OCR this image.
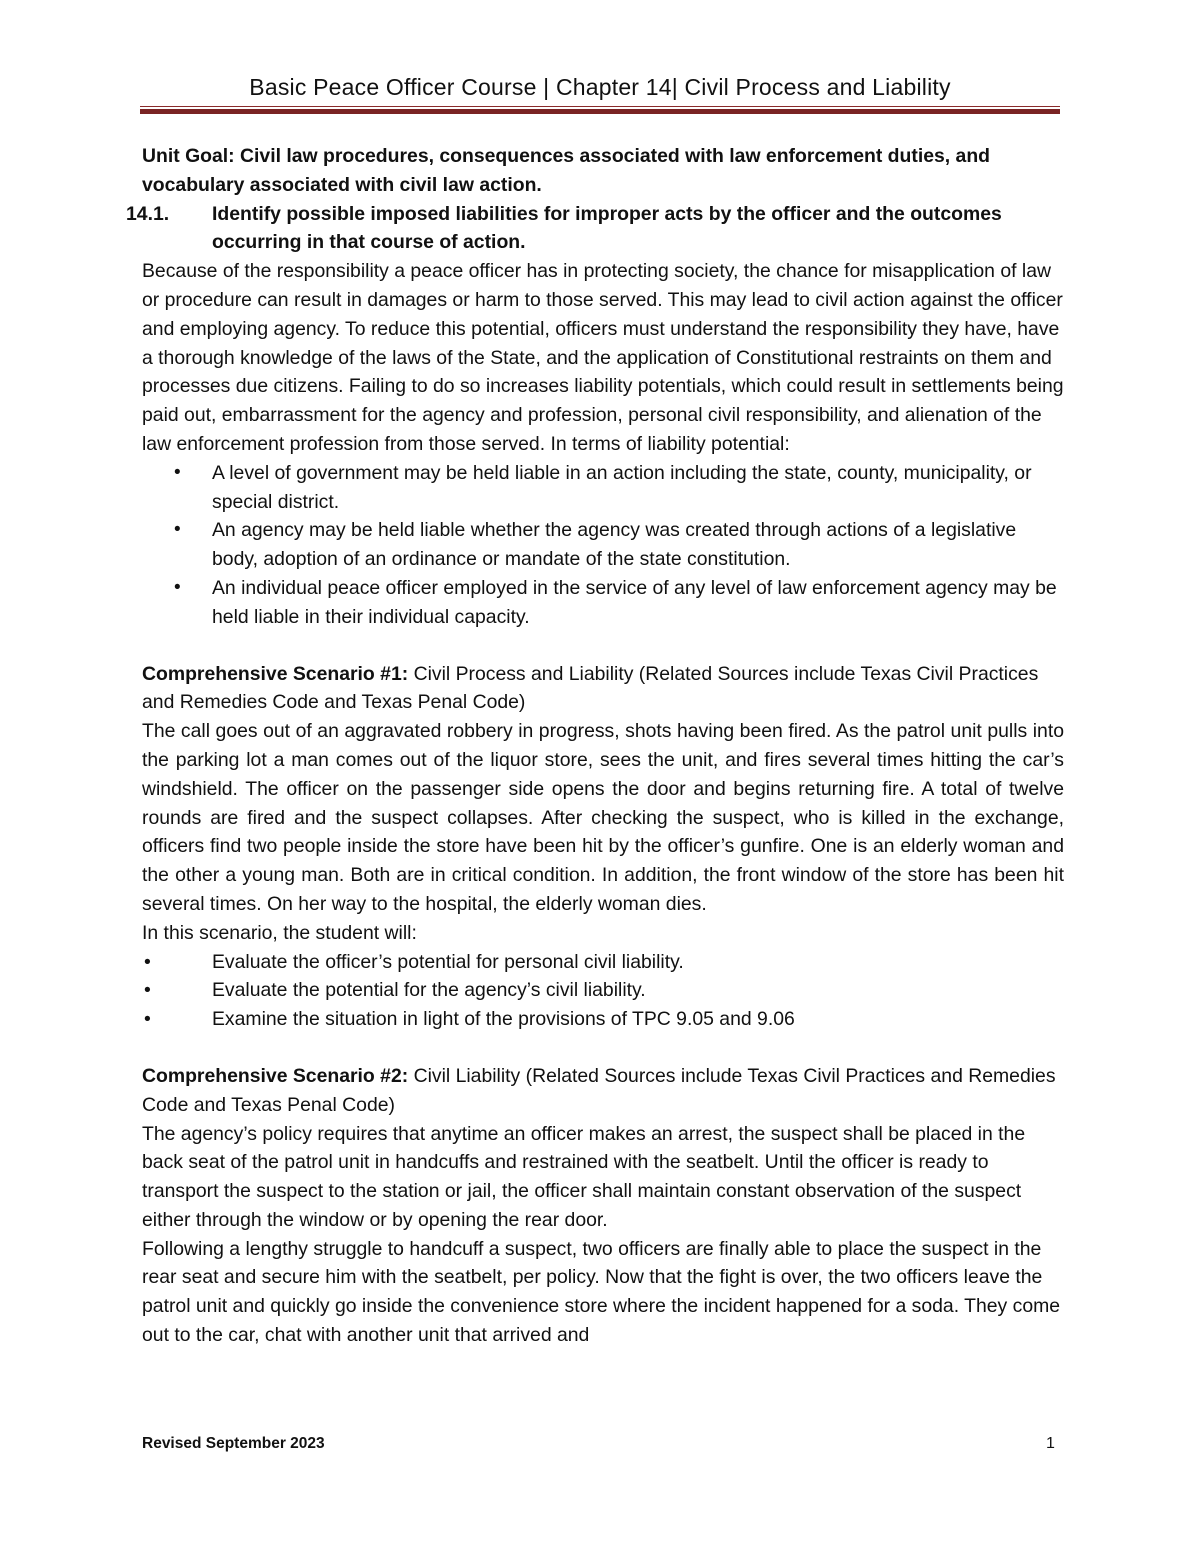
Basic Peace Officer Course | Chapter 14| Civil Process and Liability

Unit Goal: Civil law procedures, consequences associated with law enforcement duties, and vocabulary associated with civil law action.

14.1. Identify possible imposed liabilities for improper acts by the officer and the outcomes occurring in that course of action.

Because of the responsibility a peace officer has in protecting society, the chance for misapplication of law or procedure can result in damages or harm to those served. This may lead to civil action against the officer and employing agency. To reduce this potential, officers must understand the responsibility they have, have a thorough knowledge of the laws of the State, and the application of Constitutional restraints on them and processes due citizens. Failing to do so increases liability potentials, which could result in settlements being paid out, embarrassment for the agency and profession, personal civil responsibility, and alienation of the law enforcement profession from those served. In terms of liability potential:

• A level of government may be held liable in an action including the state, county, municipality, or special district.
• An agency may be held liable whether the agency was created through actions of a legislative body, adoption of an ordinance or mandate of the state constitution.
• An individual peace officer employed in the service of any level of law enforcement agency may be held liable in their individual capacity.

Comprehensive Scenario #1: Civil Process and Liability (Related Sources include Texas Civil Practices and Remedies Code and Texas Penal Code)

The call goes out of an aggravated robbery in progress, shots having been fired. As the patrol unit pulls into the parking lot a man comes out of the liquor store, sees the unit, and fires several times hitting the car’s windshield. The officer on the passenger side opens the door and begins returning fire. A total of twelve rounds are fired and the suspect collapses. After checking the suspect, who is killed in the exchange, officers find two people inside the store have been hit by the officer’s gunfire. One is an elderly woman and the other a young man. Both are in critical condition. In addition, the front window of the store has been hit several times. On her way to the hospital, the elderly woman dies.

In this scenario, the student will:

•	Evaluate the officer’s potential for personal civil liability.
•	Evaluate the potential for the agency’s civil liability.
•	Examine the situation in light of the provisions of TPC 9.05 and 9.06

Comprehensive Scenario #2: Civil Liability (Related Sources include Texas Civil Practices and Remedies Code and Texas Penal Code)

The agency’s policy requires that anytime an officer makes an arrest, the suspect shall be placed in the back seat of the patrol unit in handcuffs and restrained with the seatbelt. Until the officer is ready to transport the suspect to the station or jail, the officer shall maintain constant observation of the suspect either through the window or by opening the rear door.

Following a lengthy struggle to handcuff a suspect, two officers are finally able to place the suspect in the rear seat and secure him with the seatbelt, per policy. Now that the fight is over, the two officers leave the patrol unit and quickly go inside the convenience store where the incident happened for a soda. They come out to the car, chat with another unit that arrived and

Revised September 2023	1
